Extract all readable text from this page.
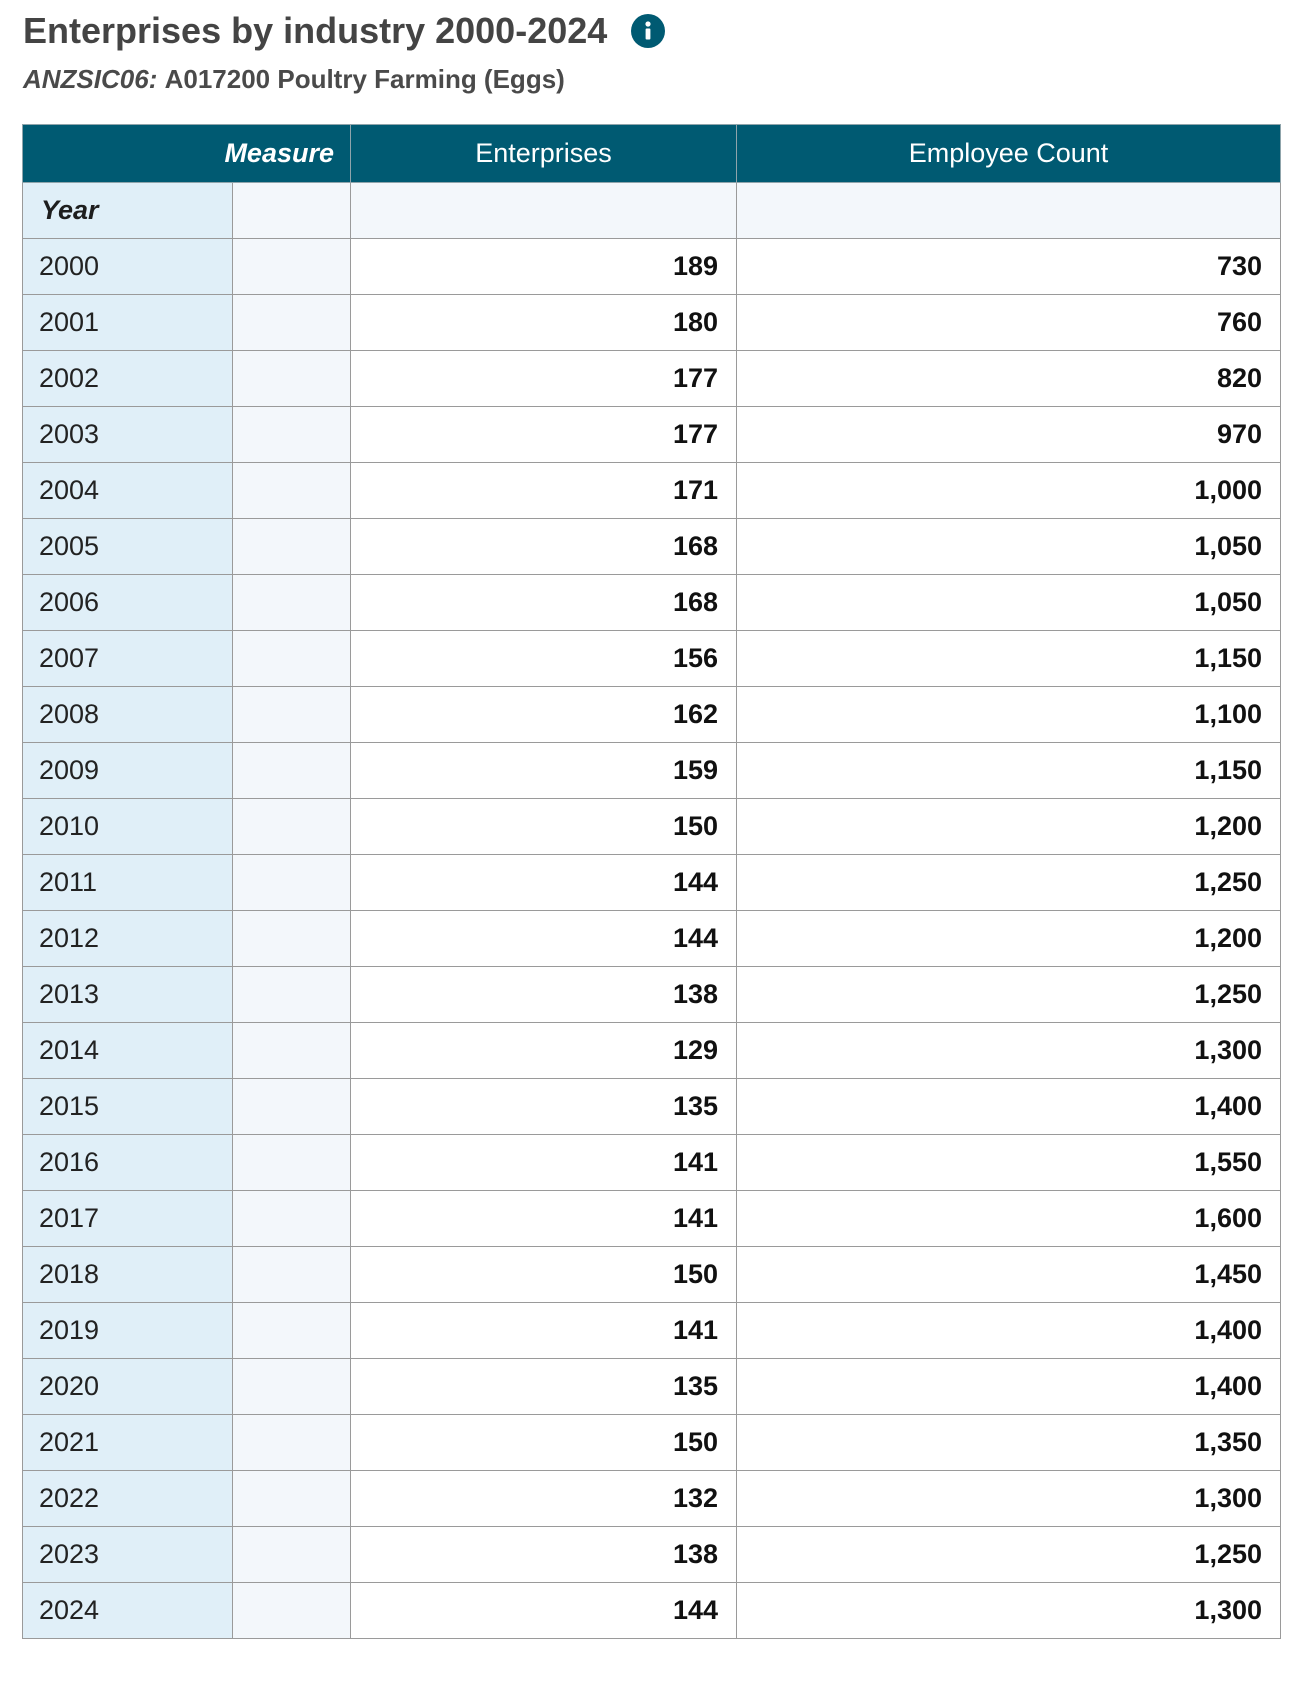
Enterprises by industry 2000-2024
ANZSIC06: A017200 Poultry Farming (Eggs)
Measure		Enterprises	Employee Count
Year			
2000		189	730
2001		180	760
2002		177	820
2003		177	970
2004		171	1,000
2005		168	1,050
2006		168	1,050
2007		156	1,150
2008		162	1,100
2009		159	1,150
2010		150	1,200
2011		144	1,250
2012		144	1,200
2013		138	1,250
2014		129	1,300
2015		135	1,400
2016		141	1,550
2017		141	1,600
2018		150	1,450
2019		141	1,400
2020		135	1,400
2021		150	1,350
2022		132	1,300
2023		138	1,250
2024		144	1,300
